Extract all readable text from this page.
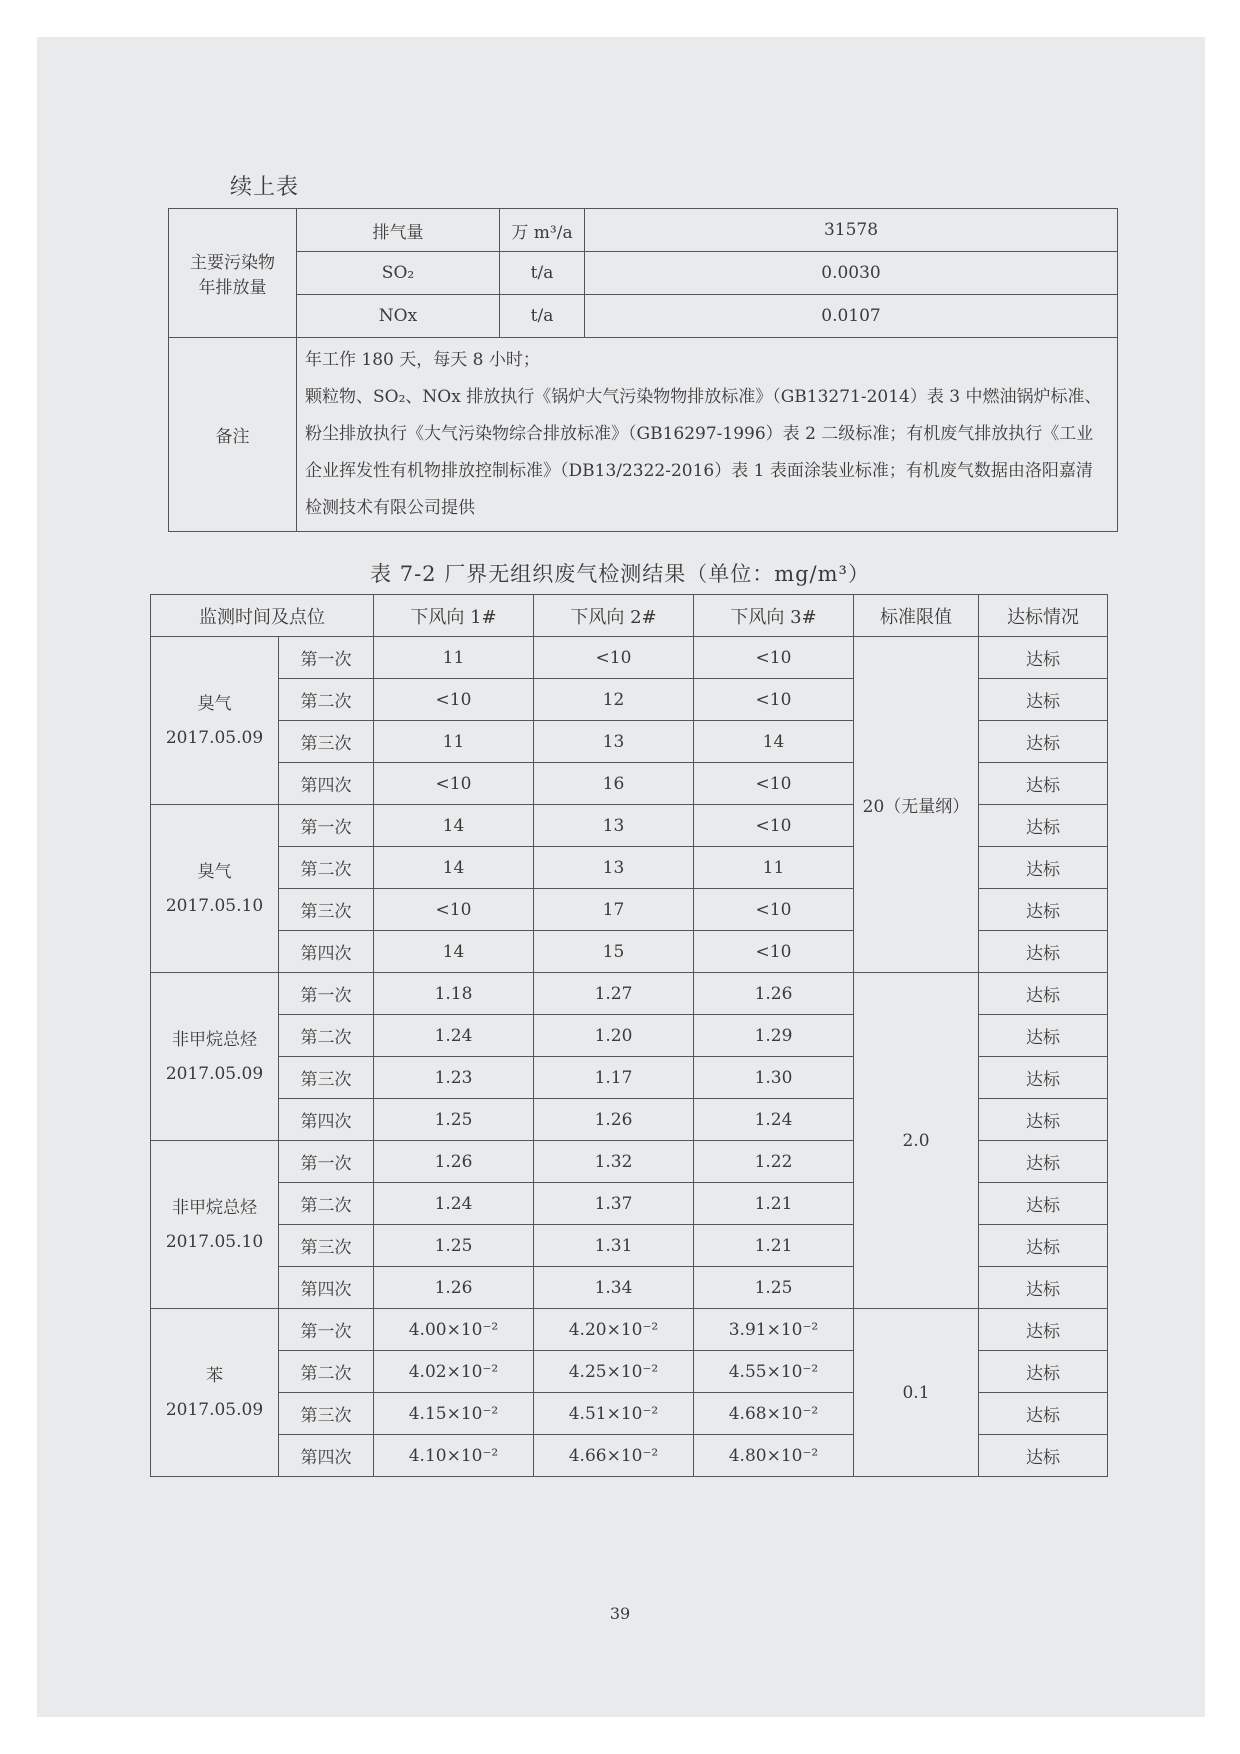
续上表
主要污染物
年排放量	排气量	万 m³/a	31578
	SO₂	t/a	0.0030
	NOx	t/a	0.0107
备注	年工作 180 天，每天 8 小时；
颗粒物、SO₂、NOx 排放执行《锅炉大气污染物物排放标准》（GB13271-2014）表 3 中燃油锅炉标准、粉尘排放执行《大气污染物综合排放标准》（GB16297-1996）表 2 二级标准；有机废气排放执行《工业企业挥发性有机物排放控制标准》（DB13/2322-2016）表 1 表面涂装业标准；有机废气数据由洛阳嘉清检测技术有限公司提供		
表 7-2 厂界无组织废气检测结果（单位：mg/m³）
监测时间及点位		下风向 1#	下风向 2#	下风向 3#	标准限值	达标情况
臭气
2017.05.09	第一次	11	<10	<10	20（无量纲）	达标
	第二次	<10	12	<10		达标
	第三次	11	13	14		达标
	第四次	<10	16	<10		达标
臭气
2017.05.10	第一次	14	13	<10		达标
	第二次	14	13	11		达标
	第三次	<10	17	<10		达标
	第四次	14	15	<10		达标
非甲烷总烃
2017.05.09	第一次	1.18	1.27	1.26	2.0	达标
	第二次	1.24	1.20	1.29		达标
	第三次	1.23	1.17	1.30		达标
	第四次	1.25	1.26	1.24		达标
非甲烷总烃
2017.05.10	第一次	1.26	1.32	1.22		达标
	第二次	1.24	1.37	1.21		达标
	第三次	1.25	1.31	1.21		达标
	第四次	1.26	1.34	1.25		达标
苯
2017.05.09	第一次	4.00×10⁻²	4.20×10⁻²	3.91×10⁻²	0.1	达标
	第二次	4.02×10⁻²	4.25×10⁻²	4.55×10⁻²		达标
	第三次	4.15×10⁻²	4.51×10⁻²	4.68×10⁻²		达标
	第四次	4.10×10⁻²	4.66×10⁻²	4.80×10⁻²		达标
39
